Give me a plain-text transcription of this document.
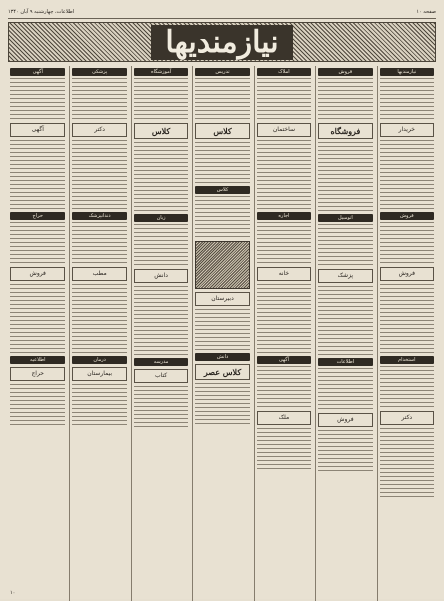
صفحه ۱۰
اطلاعات، چهارشنبه ۹ آبان ۱۳۴۰
نیازمندیها
نیازمندیها
خریدار
فروش
فروش
استخدام
دکتر
فروش
فروشگاه
اتومبیل
پزشک
اطلاعات
فروش
املاک
ساختمان
اجاره
خانه
آگهی
ملک
تدریس
کلاس
کلاس
دبیرستان
دانش
کلاس عصر
آموزشگاه
کلاس
زبان
دانش
مدرسه
کتاب
پزشکی
دکتر
دندانپزشک
مطب
درمان
بیمارستان
آگهی
آگهی
حراج
فروش
اطلاعیه
حراج
۱۰
